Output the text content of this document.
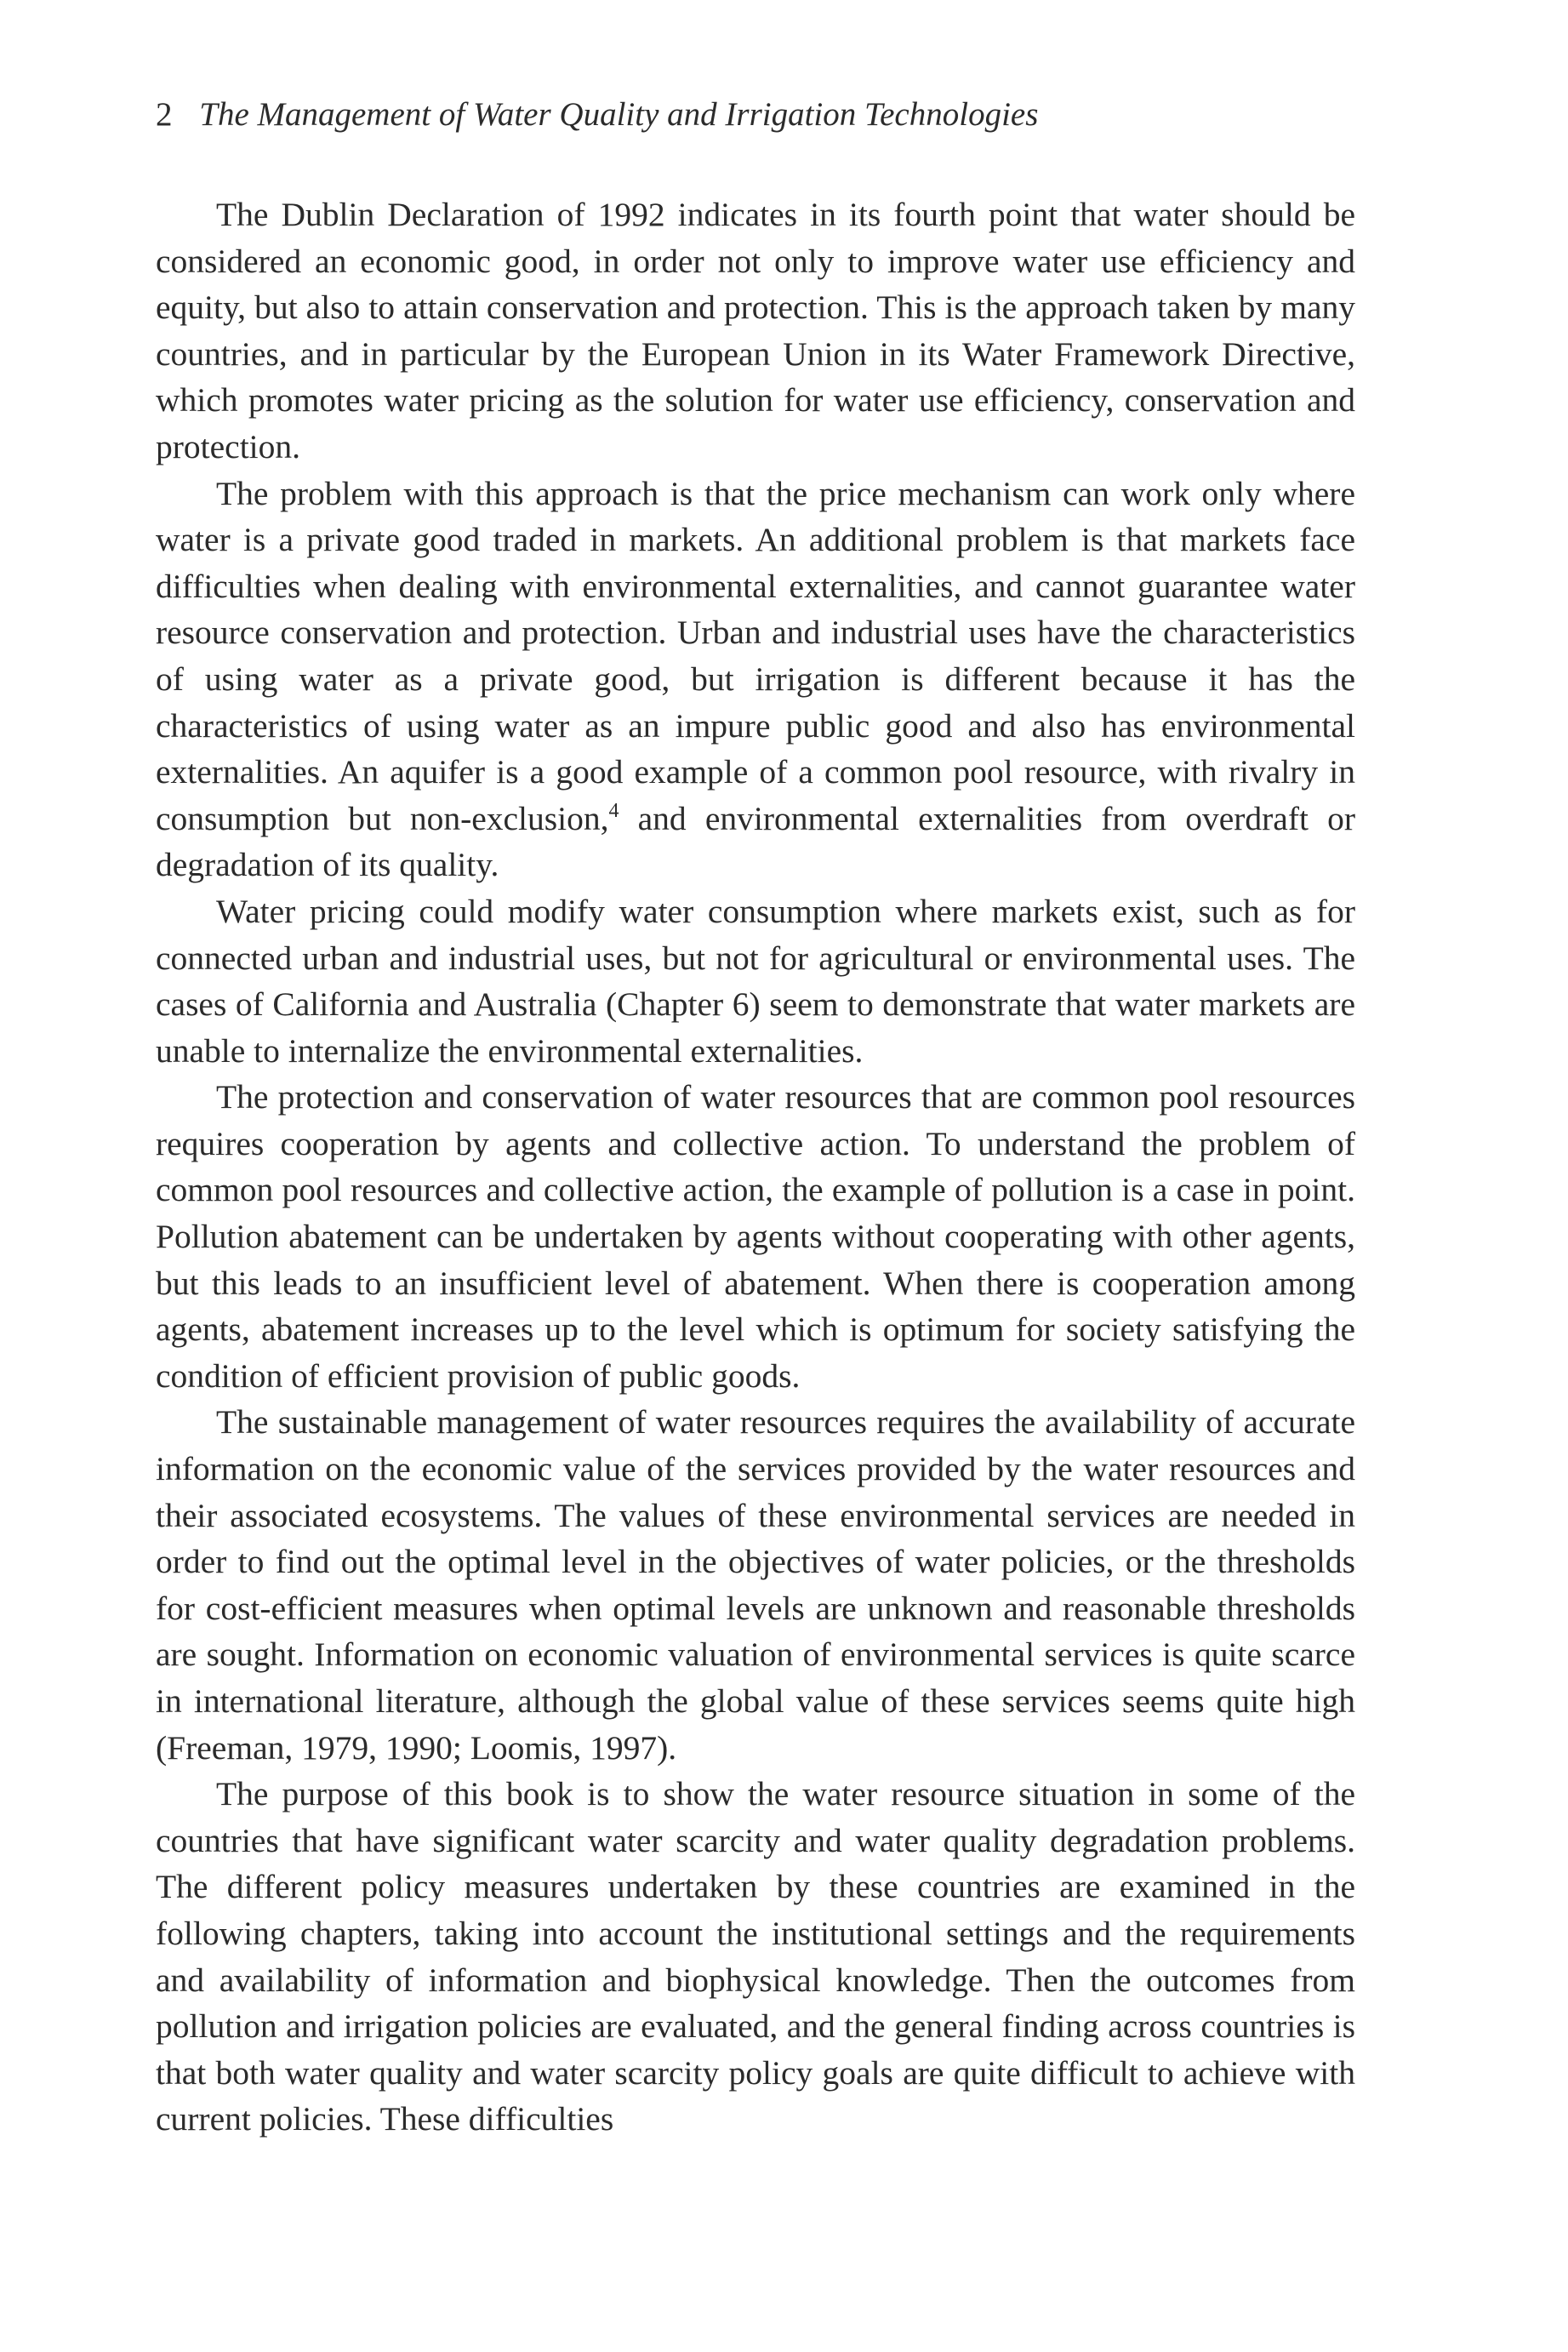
2 The Management of Water Quality and Irrigation Technologies

The Dublin Declaration of 1992 indicates in its fourth point that water should be considered an economic good, in order not only to improve water use efficiency and equity, but also to attain conservation and protection. This is the approach taken by many countries, and in particular by the European Union in its Water Framework Directive, which promotes water pricing as the solution for water use efficiency, conservation and protection.

The problem with this approach is that the price mechanism can work only where water is a private good traded in markets. An additional problem is that markets face difficulties when dealing with environmental externalities, and cannot guarantee water resource conservation and protection. Urban and industrial uses have the characteristics of using water as a private good, but irrigation is different because it has the characteristics of using water as an impure public good and also has environmental externalities. An aquifer is a good example of a common pool resource, with rivalry in consumption but non-exclusion,$^4$ and environmental externalities from overdraft or degradation of its quality.

Water pricing could modify water consumption where markets exist, such as for connected urban and industrial uses, but not for agricultural or environmental uses. The cases of California and Australia (Chapter 6) seem to demonstrate that water markets are unable to internalize the environmental externalities.

The protection and conservation of water resources that are common pool resources requires cooperation by agents and collective action. To understand the problem of common pool resources and collective action, the example of pollution is a case in point. Pollution abatement can be undertaken by agents without cooperating with other agents, but this leads to an insufficient level of abatement. When there is cooperation among agents, abatement increases up to the level which is optimum for society satisfying the condition of efficient provision of public goods.

The sustainable management of water resources requires the availability of accurate information on the economic value of the services provided by the water resources and their associated ecosystems. The values of these environmental services are needed in order to find out the optimal level in the objectives of water policies, or the thresholds for cost-efficient measures when optimal levels are unknown and reasonable thresholds are sought. Information on economic valuation of environmental services is quite scarce in international literature, although the global value of these services seems quite high (Freeman, 1979, 1990; Loomis, 1997).

The purpose of this book is to show the water resource situation in some of the countries that have significant water scarcity and water quality degradation problems. The different policy measures undertaken by these countries are examined in the following chapters, taking into account the institutional settings and the requirements and availability of information and biophysical knowledge. Then the outcomes from pollution and irrigation policies are evaluated, and the general finding across countries is that both water quality and water scarcity policy goals are quite difficult to achieve with current policies. These difficulties
